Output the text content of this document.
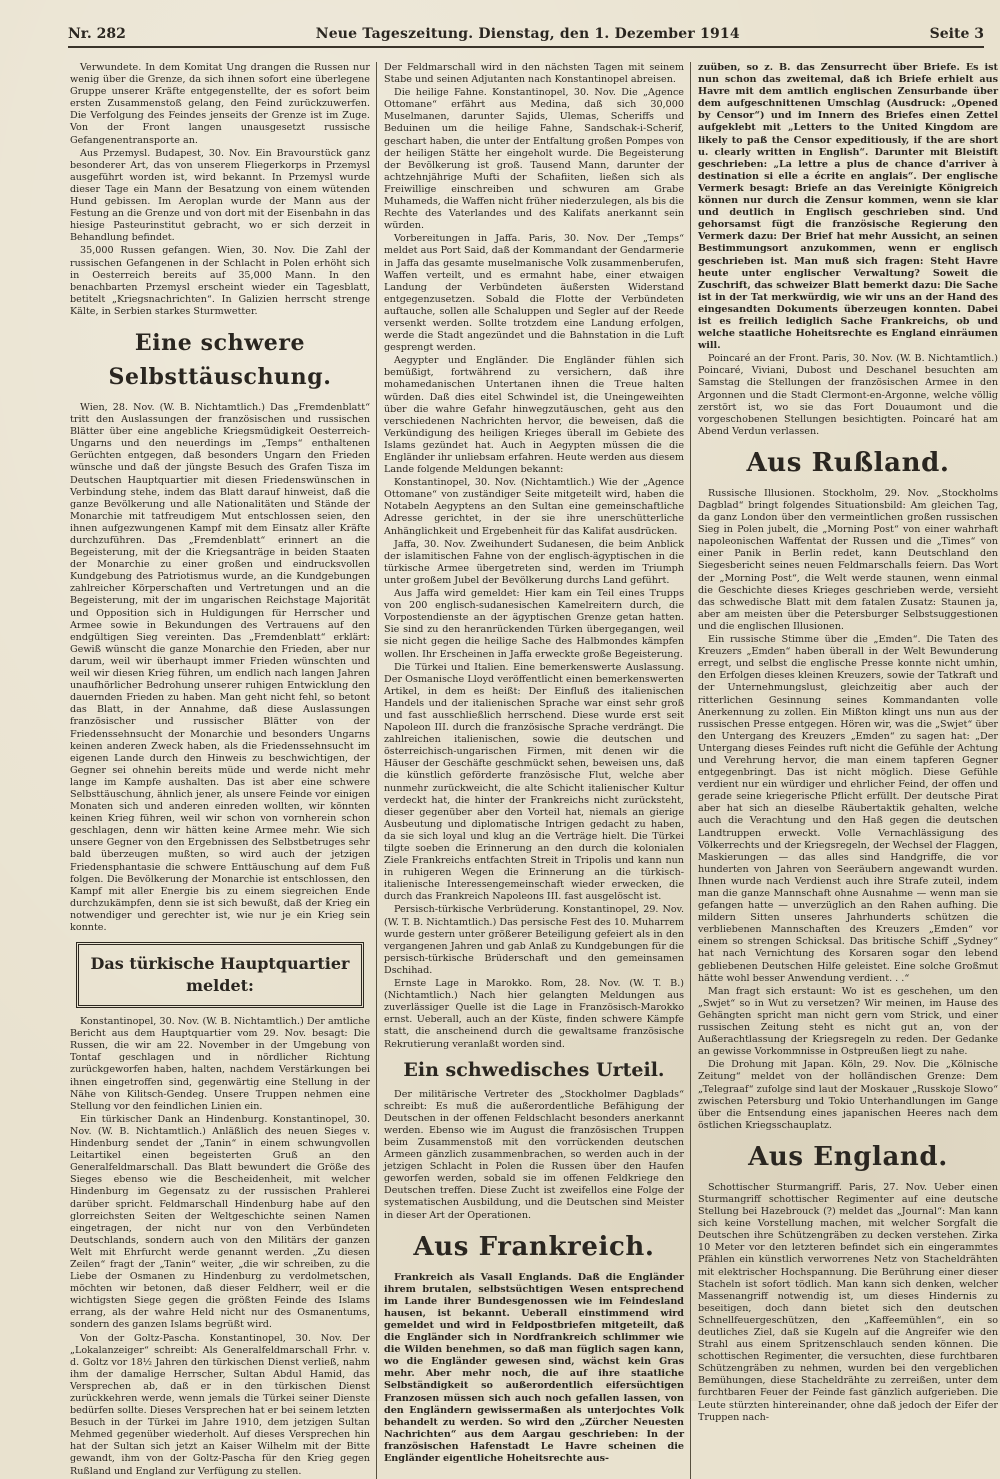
Nr. 282	Neue Tageszeitung. Dienstag, den 1. Dezember 1914	Seite 3

Verwundete. In dem Komitat Ung drangen die Russen nur wenig über die Grenze, da sich ihnen sofort eine überlegene Gruppe unserer Kräfte entgegenstellte, der es sofort beim ersten Zusammenstoß gelang, den Feind zurückzuwerfen. Die Verfolgung des Feindes jenseits der Grenze ist im Zuge. Von der Front langen unausgesetzt russische Gefangenentransporte an.

Aus Przemysl. Budapest, 30. Nov. Ein Bravourstück ganz besonderer Art, das von unserem Fliegerkorps in Przemysl ausgeführt worden ist, wird bekannt. In Przemysl wurde dieser Tage ein Mann der Besatzung von einem wütenden Hund gebissen. Im Aeroplan wurde der Mann aus der Festung an die Grenze und von dort mit der Eisenbahn in das hiesige Pasteurinstitut gebracht, wo er sich derzeit in Behandlung befindet.

35,000 Russen gefangen. Wien, 30. Nov. Die Zahl der russischen Gefangenen in der Schlacht in Polen erhöht sich in Oesterreich bereits auf 35,000 Mann. In den benachbarten Przemysl erscheint wieder ein Tagesblatt, betitelt „Kriegsnachrichten“. In Galizien herrscht strenge Kälte, in Serbien starkes Sturmwetter.

Eine schwere Selbsttäuschung.

Wien, 28. Nov. (W. B. Nichtamtlich.) Das „Fremdenblatt“ tritt den Auslassungen der französischen und russischen Blätter über eine angebliche Kriegsmüdigkeit Oesterreich-Ungarns und den neuerdings im „Temps“ enthaltenen Gerüchten entgegen, daß besonders Ungarn den Frieden wünsche und daß der jüngste Besuch des Grafen Tisza im Deutschen Hauptquartier mit diesen Friedenswünschen in Verbindung stehe, indem das Blatt darauf hinweist, daß die ganze Bevölkerung und alle Nationalitäten und Stände der Monarchie mit tatfreudigem Mut entschlossen seien, den ihnen aufgezwungenen Kampf mit dem Einsatz aller Kräfte durchzuführen. Das „Fremdenblatt“ erinnert an die Begeisterung, mit der die Kriegsanträge in beiden Staaten der Monarchie zu einer großen und eindrucksvollen Kundgebung des Patriotismus wurde, an die Kundgebungen zahlreicher Körperschaften und Vertretungen und an die Begeisterung, mit der im ungarischen Reichstage Majorität und Opposition sich in Huldigungen für Herrscher und Armee sowie in Bekundungen des Vertrauens auf den endgültigen Sieg vereinten. Das „Fremdenblatt“ erklärt: Gewiß wünscht die ganze Monarchie den Frieden, aber nur darum, weil wir überhaupt immer Frieden wünschten und weil wir diesen Krieg führen, um endlich nach langen Jahren unaufhörlicher Bedrohung unserer ruhigen Entwicklung den dauernden Frieden zu haben. Man geht nicht fehl, so betont das Blatt, in der Annahme, daß diese Auslassungen französischer und russischer Blätter von der Friedenssehnsucht der Monarchie und besonders Ungarns keinen anderen Zweck haben, als die Friedenssehnsucht im eigenen Lande durch den Hinweis zu beschwichtigen, der Gegner sei ohnehin bereits müde und werde nicht mehr lange im Kampfe aushalten. Das ist aber eine schwere Selbsttäuschung, ähnlich jener, als unsere Feinde vor einigen Monaten sich und anderen einreden wollten, wir könnten keinen Krieg führen, weil wir schon von vornherein schon geschlagen, denn wir hätten keine Armee mehr. Wie sich unsere Gegner von den Ergebnissen des Selbstbetruges sehr bald überzeugen mußten, so wird auch der jetzigen Friedensphantasie die schwere Enttäuschung auf dem Fuß folgen. Die Bevölkerung der Monarchie ist entschlossen, den Kampf mit aller Energie bis zu einem siegreichen Ende durchzukämpfen, denn sie ist sich bewußt, daß der Krieg ein notwendiger und gerechter ist, wie nur je ein Krieg sein konnte.

Das türkische Hauptquartier meldet:

Konstantinopel, 30. Nov. (W. B. Nichtamtlich.) Der amtliche Bericht aus dem Hauptquartier vom 29. Nov. besagt: Die Russen, die wir am 22. November in der Umgebung von Tontaf geschlagen und in nördlicher Richtung zurückgeworfen haben, halten, nachdem Verstärkungen bei ihnen eingetroffen sind, gegenwärtig eine Stellung in der Nähe von Kilitsch-Gendeg. Unsere Truppen nehmen eine Stellung vor den feindlichen Linien ein.

Ein türkischer Dank an Hindenburg. Konstantinopel, 30. Nov. (W. B. Nichtamtlich.) Anläßlich des neuen Sieges v. Hindenburg sendet der „Tanin“ in einem schwungvollen Leitartikel einen begeisterten Gruß an den Generalfeldmarschall. Das Blatt bewundert die Größe des Sieges ebenso wie die Bescheidenheit, mit welcher Hindenburg im Gegensatz zu der russischen Prahlerei darüber spricht. Feldmarschall Hindenburg habe auf den glorreichsten Seiten der Weltgeschichte seinen Namen eingetragen, der nicht nur von den Verbündeten Deutschlands, sondern auch von den Militärs der ganzen Welt mit Ehrfurcht werde genannt werden. „Zu diesen Zeilen“ fragt der „Tanin“ weiter, „die wir schreiben, zu die Liebe der Osmanen zu Hindenburg zu verdolmetschen, möchten wir betonen, daß dieser Feldherr, weil er die wichtigsten Siege gegen die größten Feinde des Islams errang, als der wahre Held nicht nur des Osmanentums, sondern des ganzen Islams begrüßt wird.

Von der Goltz-Pascha. Konstantinopel, 30. Nov. Der „Lokalanzeiger“ schreibt: Als Generalfeldmarschall Frhr. v. d. Goltz vor 18½ Jahren den türkischen Dienst verließ, nahm ihm der damalige Herrscher, Sultan Abdul Hamid, das Versprechen ab, daß er in den türkischen Dienst zurückkehren werde, wenn jemals die Türkei seiner Dienste bedürfen sollte. Dieses Versprechen hat er bei seinem letzten Besuch in der Türkei im Jahre 1910, dem jetzigen Sultan Mehmed gegenüber wiederholt. Auf dieses Versprechen hin hat der Sultan sich jetzt an Kaiser Wilhelm mit der Bitte gewandt, ihm von der Goltz-Pascha für den Krieg gegen Rußland und England zur Verfügung zu stellen.

Der Feldmarschall wird in den nächsten Tagen mit seinem Stabe und seinen Adjutanten nach Konstantinopel abreisen.

Die heilige Fahne. Konstantinopel, 30. Nov. Die „Agence Ottomane“ erfährt aus Medina, daß sich 30,000 Muselmanen, darunter Sajids, Ulemas, Scheriffs und Beduinen um die heilige Fahne, Sandschak-i-Scherif, geschart haben, die unter der Entfaltung großen Pompes von der heiligen Stätte her eingeholt wurde. Die Begeisterung der Bevölkerung ist groß. Tausend Mann, darunter der achtzehnjährige Mufti der Schafiiten, ließen sich als Freiwillige einschreiben und schwuren am Grabe Muhameds, die Waffen nicht früher niederzulegen, als bis die Rechte des Vaterlandes und des Kalifats anerkannt sein würden.

Vorbereitungen in Jaffa. Paris, 30. Nov. Der „Temps“ meldet aus Port Said, daß der Kommandant der Gendarmerie in Jaffa das gesamte muselmanische Volk zusammenberufen, Waffen verteilt, und es ermahnt habe, einer etwaigen Landung der Verbündeten äußersten Widerstand entgegenzusetzen. Sobald die Flotte der Verbündeten auftauche, sollen alle Schaluppen und Segler auf der Reede versenkt werden. Sollte trotzdem eine Landung erfolgen, werde die Stadt angezündet und die Bahnstation in die Luft gesprengt werden.

Aegypter und Engländer. Die Engländer fühlen sich bemüßigt, fortwährend zu versichern, daß ihre mohamedanischen Untertanen ihnen die Treue halten würden. Daß dies eitel Schwindel ist, die Uneingeweihten über die wahre Gefahr hinwegzutäuschen, geht aus den verschiedenen Nachrichten hervor, die beweisen, daß die Verkündigung des heiligen Krieges überall im Gebiete des Islams gezündet hat. Auch in Aegypten müssen die die Engländer ihr unliebsam erfahren. Heute werden aus diesem Lande folgende Meldungen bekannt:

Konstantinopel, 30. Nov. (Nichtamtlich.) Wie der „Agence Ottomane“ von zuständiger Seite mitgeteilt wird, haben die Notabeln Aegyptens an den Sultan eine gemeinschaftliche Adresse gerichtet, in der sie ihre unerschütterliche Anhänglichkeit und Ergebenheit für das Kalifat ausdrücken.

Jaffa, 30. Nov. Zweihundert Sudanesen, die beim Anblick der islamitischen Fahne von der englisch-ägyptischen in die türkische Armee übergetreten sind, werden im Triumph unter großem Jubel der Bevölkerung durchs Land geführt.

Aus Jaffa wird gemeldet: Hier kam ein Teil eines Trupps von 200 englisch-sudanesischen Kamelreitern durch, die Vorpostendienste an der ägyptischen Grenze getan hatten. Sie sind zu den heranrückenden Türken übergegangen, weil sie nicht gegen die heilige Sache des Halbmondes kämpfen wollen. Ihr Erscheinen in Jaffa erweckte große Begeisterung.

Die Türkei und Italien. Eine bemerkenswerte Auslassung. Der Osmanische Lloyd veröffentlicht einen bemerkenswerten Artikel, in dem es heißt: Der Einfluß des italienischen Handels und der italienischen Sprache war einst sehr groß und fast ausschließlich herrschend. Diese wurde erst seit Napoleon III. durch die französische Sprache verdrängt. Die zahlreichen italienischen, sowie die deutschen und österreichisch-ungarischen Firmen, mit denen wir die Häuser der Geschäfte geschmückt sehen, beweisen uns, daß die künstlich geförderte französische Flut, welche aber nunmehr zurückweicht, die alte Schicht italienischer Kultur verdeckt hat, die hinter der Frankreichs nicht zurücksteht, dieser gegenüber aber den Vorteil hat, niemals an gierige Ausbeutung und diplomatische Intrigen gedacht zu haben, da sie sich loyal und klug an die Verträge hielt. Die Türkei tilgte soeben die Erinnerung an den durch die kolonialen Ziele Frankreichs entfachten Streit in Tripolis und kann nun in ruhigeren Wegen die Erinnerung an die türkisch-italienische Interessengemeinschaft wieder erwecken, die durch das Frankreich Napoleons III. fast ausgelöscht ist.

Persisch-türkische Verbrüderung. Konstantinopel, 29. Nov. (W. T. B. Nichtamtlich.) Das persische Fest des 10. Muharrem wurde gestern unter größerer Beteiligung gefeiert als in den vergangenen Jahren und gab Anlaß zu Kundgebungen für die persisch-türkische Brüderschaft und den gemeinsamen Dschihad.

Ernste Lage in Marokko. Rom, 28. Nov. (W. T. B.) (Nichtamtlich.) Nach hier gelangten Meldungen aus zuverlässiger Quelle ist die Lage in Französisch-Marokko ernst. Ueberall, auch an der Küste, finden schwere Kämpfe statt, die anscheinend durch die gewaltsame französische Rekrutierung veranlaßt worden sind.

Ein schwedisches Urteil.

Der militärische Vertreter des „Stockholmer Dagblads“ schreibt: Es muß die außerordentliche Befähigung der Deutschen in der offenen Feldschlacht besonders anerkannt werden. Ebenso wie im August die französischen Truppen beim Zusammenstoß mit den vorrückenden deutschen Armeen gänzlich zusammenbrachen, so werden auch in der jetzigen Schlacht in Polen die Russen über den Haufen geworfen werden, sobald sie im offenen Feldkriege den Deutschen treffen. Diese Zucht ist zweifellos eine Folge der systematischen Ausbildung, und die Deutschen sind Meister in dieser Art der Operationen.

Aus Frankreich.

Frankreich als Vasall Englands. Daß die Engländer ihrem brutalen, selbstsüchtigen Wesen entsprechend im Lande ihrer Bundesgenossen wie im Feindesland hausen, ist bekannt. Ueberall einstimmend wird gemeldet und wird in Feldpostbriefen mitgeteilt, daß die Engländer sich in Nordfrankreich schlimmer wie die Wilden benehmen, so daß man füglich sagen kann, wo die Engländer gewesen sind, wächst kein Gras mehr. Aber mehr noch, die auf ihre staatliche Selbständigkeit so außerordentlich eifersüchtigen Franzosen müssen sich auch noch gefallen lassen, von den Engländern gewissermaßen als unterjochtes Volk behandelt zu werden. So wird den „Zürcher Neuesten Nachrichten“ aus dem Aargau geschrieben: In der französischen Hafenstadt Le Havre scheinen die Engländer eigentliche Hoheitsrechte aus-

zuüben, so z. B. das Zensurrecht über Briefe. Es ist nun schon das zweitemal, daß ich Briefe erhielt aus Havre mit dem amtlich englischen Zensurbande über dem aufgeschnittenen Umschlag (Ausdruck: „Opened by Censor“) und im Innern des Briefes einen Zettel aufgeklebt mit „Letters to the United Kingdom are likely to paß the Censor expeditiously, if the are short u. clearly written in English“. Darunter mit Bleistift geschrieben: „La lettre a plus de chance d'arriver à destination si elle a écrite en anglais“. Der englische Vermerk besagt: Briefe an das Vereinigte Königreich können nur durch die Zensur kommen, wenn sie klar und deutlich in Englisch geschrieben sind. Und gehorsamst fügt die französische Regierung den Vermerk dazu: Der Brief hat mehr Aussicht, an seinen Bestimmungsort anzukommen, wenn er englisch geschrieben ist. Man muß sich fragen: Steht Havre heute unter englischer Verwaltung? Soweit die Zuschrift, das schweizer Blatt bemerkt dazu: Die Sache ist in der Tat merkwürdig, wie wir uns an der Hand des eingesandten Dokuments überzeugen konnten. Dabei ist es freilich lediglich Sache Frankreichs, ob und welche staatliche Hoheitsrechte es England einräumen will.

Poincaré an der Front. Paris, 30. Nov. (W. B. Nichtamtlich.) Poincaré, Viviani, Dubost und Deschanel besuchten am Samstag die Stellungen der französischen Armee in den Argonnen und die Stadt Clermont-en-Argonne, welche völlig zerstört ist, wo sie das Fort Douaumont und die vorgeschobenen Stellungen besichtigten. Poincaré hat am Abend Verdun verlassen.

Aus Rußland.

Russische Illusionen. Stockholm, 29. Nov. „Stockholms Dagblad“ bringt folgendes Situationsbild: Am gleichen Tag, da ganz London über den vermeintlichen großen russischen Sieg in Polen jubelt, die „Morning Post“ von einer wahrhaft napoleonischen Waffentat der Russen und die „Times“ von einer Panik in Berlin redet, kann Deutschland den Siegesbericht seines neuen Feldmarschalls feiern. Das Wort der „Morning Post“, die Welt werde staunen, wenn einmal die Geschichte dieses Krieges geschrieben werde, versieht das schwedische Blatt mit dem fatalen Zusatz: Staunen ja, aber am meisten über die Petersburger Selbstsuggestionen und die englischen Illusionen.

Ein russische Stimme über die „Emden“. Die Taten des Kreuzers „Emden“ haben überall in der Welt Bewunderung erregt, und selbst die englische Presse konnte nicht umhin, den Erfolgen dieses kleinen Kreuzers, sowie der Tatkraft und der Unternehmungslust, gleichzeitig aber auch der ritterlichen Gesinnung seines Kommandanten volle Anerkennung zu zollen. Ein Mißton klingt uns nun aus der russischen Presse entgegen. Hören wir, was die „Swjet“ über den Untergang des Kreuzers „Emden“ zu sagen hat: „Der Untergang dieses Feindes ruft nicht die Gefühle der Achtung und Verehrung hervor, die man einem tapferen Gegner entgegenbringt. Das ist nicht möglich. Diese Gefühle verdient nur ein würdiger und ehrlicher Feind, der offen und gerade seine kriegerische Pflicht erfüllt. Der deutsche Pirat aber hat sich an dieselbe Räubertaktik gehalten, welche auch die Verachtung und den Haß gegen die deutschen Landtruppen erweckt. Volle Vernachlässigung des Völkerrechts und der Kriegsregeln, der Wechsel der Flaggen, Maskierungen — das alles sind Handgriffe, die vor hunderten von Jahren von Seeräubern angewandt wurden. Ihnen wurde nach Verdienst auch ihre Strafe zuteil, indem man die ganze Mannschaft ohne Ausnahme — wenn man sie gefangen hatte — unverzüglich an den Rahen aufhing. Die mildern Sitten unseres Jahrhunderts schützen die verbliebenen Mannschaften des Kreuzers „Emden“ vor einem so strengen Schicksal. Das britische Schiff „Sydney“ hat nach Vernichtung des Korsaren sogar den lebend gebliebenen Deutschen Hilfe geleistet. Eine solche Großmut hätte wohl besser Anwendung verdient. . .“

Man fragt sich erstaunt: Wo ist es geschehen, um den „Swjet“ so in Wut zu versetzen? Wir meinen, im Hause des Gehängten spricht man nicht gern vom Strick, und einer russischen Zeitung steht es nicht gut an, von der Außerachtlassung der Kriegsregeln zu reden. Der Gedanke an gewisse Vorkommnisse in Ostpreußen liegt zu nahe.

Die Drohung mit Japan. Köln, 29. Nov. Die „Kölnische Zeitung“ meldet von der holländischen Grenze: Dem „Telegraaf“ zufolge sind laut der Moskauer „Russkoje Slowo“ zwischen Petersburg und Tokio Unterhandlungen im Gange über die Entsendung eines japanischen Heeres nach dem östlichen Kriegsschauplatz.

Aus England.

Schottischer Sturmangriff. Paris, 27. Nov. Ueber einen Sturmangriff schottischer Regimenter auf eine deutsche Stellung bei Hazebrouck (?) meldet das „Journal“: Man kann sich keine Vorstellung machen, mit welcher Sorgfalt die Deutschen ihre Schützengräben zu decken verstehen. Zirka 10 Meter vor den letzteren befindet sich ein eingerammtes Pfählen ein künstlich verworrenes Netz von Stacheldrähten mit elektrischer Hochspannung. Die Berührung einer dieser Stacheln ist sofort tödlich. Man kann sich denken, welcher Massenangriff notwendig ist, um dieses Hindernis zu beseitigen, doch dann bietet sich den deutschen Schnellfeuergeschützen, den „Kaffeemühlen“, ein so deutliches Ziel, daß sie Kugeln auf die Angreifer wie den Strahl aus einem Spritzenschlauch senden können. Die schottischen Regimenter, die versuchten, diese furchtbaren Schützengräben zu nehmen, wurden bei den vergeblichen Bemühungen, diese Stacheldrähte zu zerreißen, unter dem furchtbaren Feuer der Feinde fast gänzlich aufgerieben. Die Leute stürzten hintereinander, ohne daß jedoch der Eifer der Truppen nach-
